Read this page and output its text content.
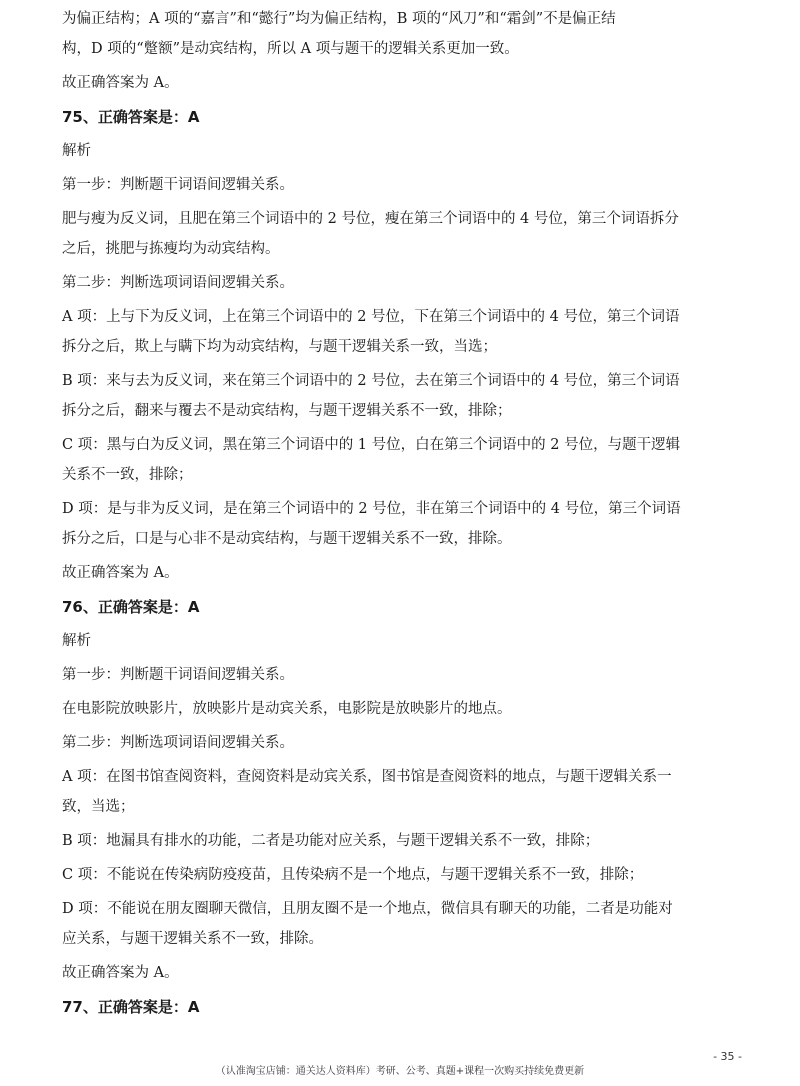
为偏正结构；A 项的“嘉言”和“懿行”均为偏正结构，B 项的“风刀”和“霜剑”不是偏正结

构，D 项的“蹩额”是动宾结构，所以 A 项与题干的逻辑关系更加一致。

故正确答案为 A。

75、正确答案是：A

解析

第一步：判断题干词语间逻辑关系。

肥与瘦为反义词，且肥在第三个词语中的 2 号位，瘦在第三个词语中的 4 号位，第三个词语拆分

之后，挑肥与拣瘦均为动宾结构。

第二步：判断选项词语间逻辑关系。

A 项：上与下为反义词，上在第三个词语中的 2 号位，下在第三个词语中的 4 号位，第三个词语

拆分之后，欺上与瞒下均为动宾结构，与题干逻辑关系一致，当选；

B 项：来与去为反义词，来在第三个词语中的 2 号位，去在第三个词语中的 4 号位，第三个词语

拆分之后，翻来与覆去不是动宾结构，与题干逻辑关系不一致，排除；

C 项：黑与白为反义词，黑在第三个词语中的 1 号位，白在第三个词语中的 2 号位，与题干逻辑

关系不一致，排除；

D 项：是与非为反义词，是在第三个词语中的 2 号位，非在第三个词语中的 4 号位，第三个词语

拆分之后，口是与心非不是动宾结构，与题干逻辑关系不一致，排除。

故正确答案为 A。

76、正确答案是：A

解析

第一步：判断题干词语间逻辑关系。

在电影院放映影片，放映影片是动宾关系，电影院是放映影片的地点。

第二步：判断选项词语间逻辑关系。

A 项：在图书馆查阅资料，查阅资料是动宾关系，图书馆是查阅资料的地点，与题干逻辑关系一

致，当选；

B 项：地漏具有排水的功能，二者是功能对应关系，与题干逻辑关系不一致，排除；

C 项：不能说在传染病防疫疫苗，且传染病不是一个地点，与题干逻辑关系不一致，排除；

D 项：不能说在朋友圈聊天微信，且朋友圈不是一个地点，微信具有聊天的功能，二者是功能对

应关系，与题干逻辑关系不一致，排除。

故正确答案为 A。

77、正确答案是：A

- 35 -
（认准淘宝店铺：通关达人资料库）考研、公考、真题+课程一次购买持续免费更新
